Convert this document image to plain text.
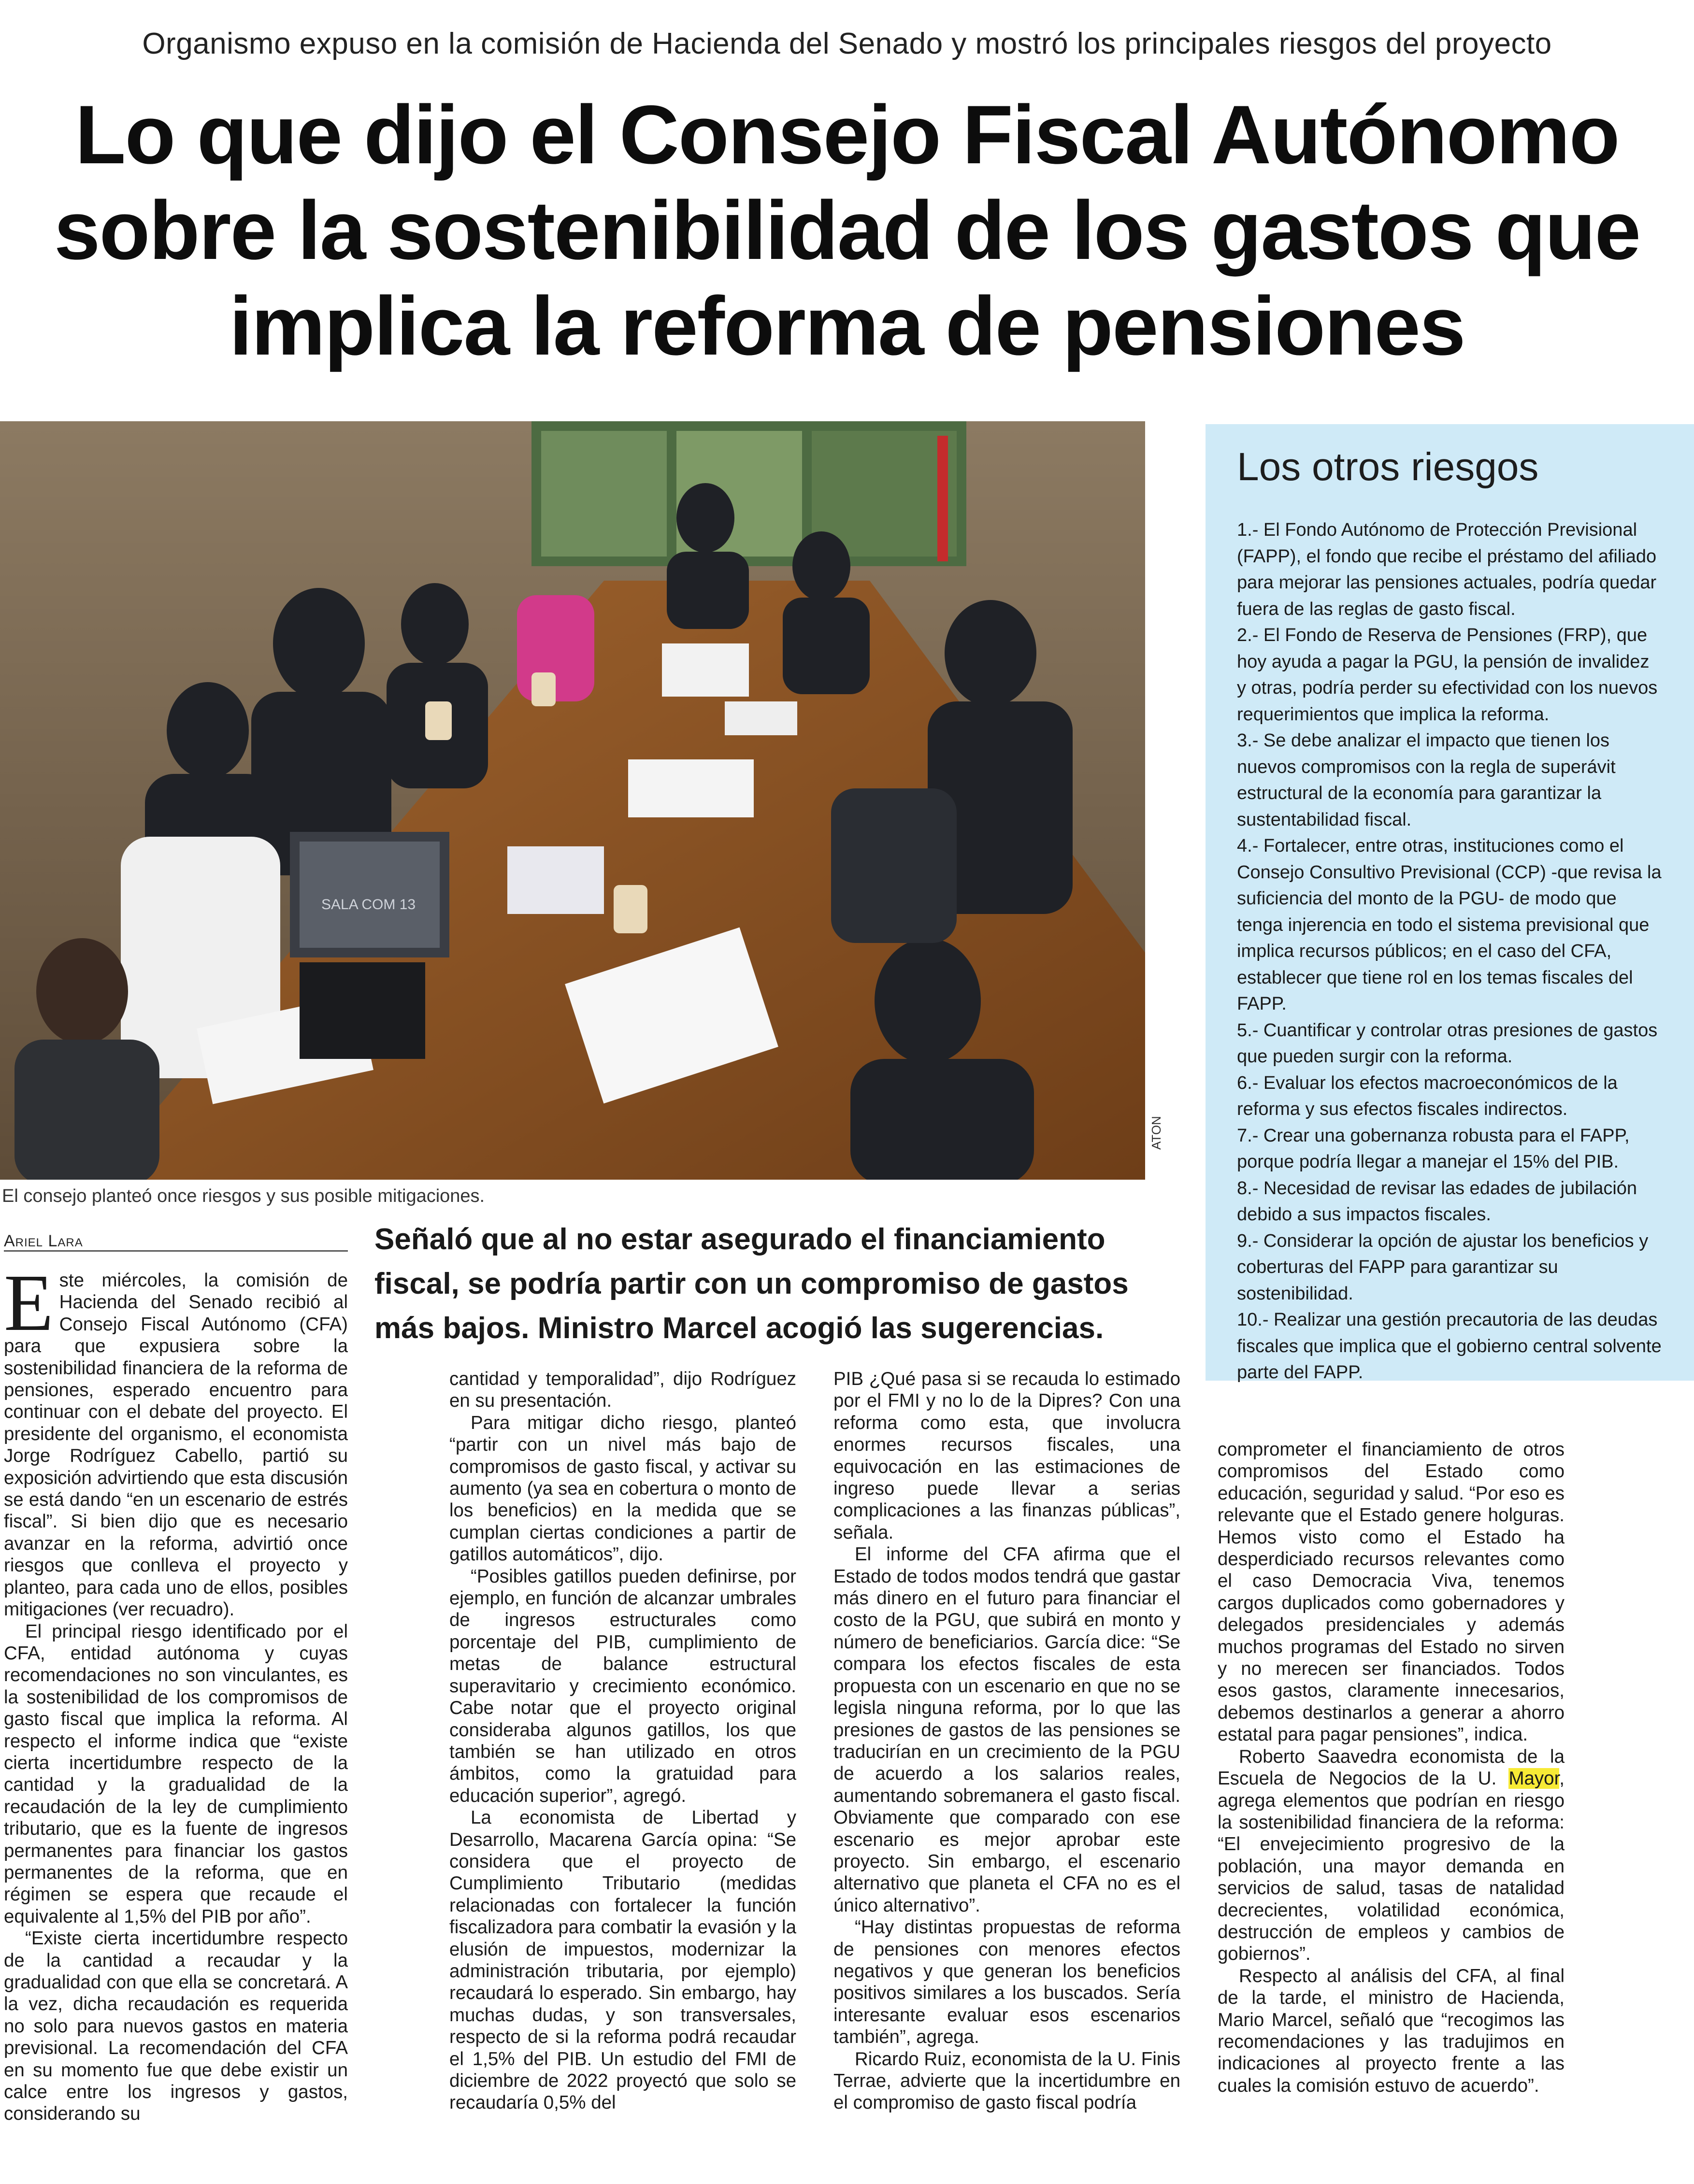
Organismo expuso en la comisión de Hacienda del Senado y mostró los principales riesgos del proyecto
Lo que dijo el Consejo Fiscal Autónomo
sobre la sostenibilidad de los gastos que
implica la reforma de pensiones
SALA COM 13
ATON
El consejo planteó once riesgos y sus posible mitigaciones.
Los otros riesgos

1.- El Fondo Autónomo de Protección Previsional (FAPP), el fondo que recibe el préstamo del afiliado para mejorar las pensiones actuales, podría quedar fuera de las reglas de gasto fiscal.

2.- El Fondo de Reserva de Pensiones (FRP), que hoy ayuda a pagar la PGU, la pensión de invalidez y otras, podría perder su efectividad con los nuevos requerimientos que implica la reforma.

3.- Se debe analizar el impacto que tienen los nuevos compromisos con la regla de superávit estructural de la economía para garantizar la sustentabilidad fiscal.

4.- Fortalecer, entre otras, instituciones como el Consejo Consultivo Previsional (CCP) -que revisa la suficiencia del monto de la PGU- de modo que tenga injerencia en todo el sistema previsional que implica recursos públicos; en el caso del CFA, establecer que tiene rol en los temas fiscales del FAPP.

5.- Cuantificar y controlar otras presiones de gastos que pueden surgir con la reforma.

6.- Evaluar los efectos macroeconómicos de la reforma y sus efectos fiscales indirectos.

7.- Crear una gobernanza robusta para el FAPP, porque podría llegar a manejar el 15% del PIB.

8.- Necesidad de revisar las edades de jubilación debido a sus impactos fiscales.

9.- Considerar la opción de ajustar los beneficios y coberturas del FAPP para garantizar su sostenibilidad.

10.- Realizar una gestión precautoria de las deudas fiscales que implica que el gobierno central solvente parte del FAPP.

Ariel Lara	Señaló que al no estar asegurado el financiamiento fiscal, se podría partir con un compromiso de gastos más bajos. Ministro Marcel acogió las sugerencias.

Este miércoles, la comisión de Hacienda del Senado recibió al Consejo Fiscal Autónomo (CFA) para que expusiera sobre la sostenibilidad financiera de la reforma de pensiones, esperado encuentro para continuar con el debate del proyecto. El presidente del organismo, el economista Jorge Rodríguez Cabello, partió su exposición advirtiendo que esta discusión se está dando “en un escenario de estrés fiscal”. Si bien dijo que es necesario avanzar en la reforma, advirtió once riesgos que conlleva el proyecto y planteo, para cada uno de ellos, posibles mitigaciones (ver recuadro).

El principal riesgo identificado por el CFA, entidad autónoma y cuyas recomendaciones no son vinculantes, es la sostenibilidad de los compromisos de gasto fiscal que implica la reforma. Al respecto el informe indica que “existe cierta incertidumbre respecto de la cantidad y la gradualidad de la recaudación de la ley de cumplimiento tributario, que es la fuente de ingresos permanentes para financiar los gastos permanentes de la reforma, que en régimen se espera que recaude el equivalente al 1,5% del PIB por año”.

“Existe cierta incertidumbre respecto de la cantidad a recaudar y la gradualidad con que ella se concretará. A la vez, dicha recaudación es requerida no solo para nuevos gastos en materia previsional. La recomendación del CFA en su momento fue que debe existir un calce entre los ingresos y gastos, considerando su

cantidad y temporalidad”, dijo Rodríguez en su presentación.

Para mitigar dicho riesgo, planteó “partir con un nivel más bajo de compromisos de gasto fiscal, y activar su aumento (ya sea en cobertura o monto de los beneficios) en la medida que se cumplan ciertas condiciones a partir de gatillos automáticos”, dijo.

“Posibles gatillos pueden definirse, por ejemplo, en función de alcanzar umbrales de ingresos estructurales como porcentaje del PIB, cumplimiento de metas de balance estructural superavitario y crecimiento económico. Cabe notar que el proyecto original consideraba algunos gatillos, los que también se han utilizado en otros ámbitos, como la gratuidad para educación superior”, agregó.

La economista de Libertad y Desarrollo, Macarena García opina: “Se considera que el proyecto de Cumplimiento Tributario (medidas relacionadas con fortalecer la función fiscalizadora para combatir la evasión y la elusión de impuestos, modernizar la administración tributaria, por ejemplo) recaudará lo esperado. Sin embargo, hay muchas dudas, y son transversales, respecto de si la reforma podrá recaudar el 1,5% del PIB. Un estudio del FMI de diciembre de 2022 proyectó que solo se recaudaría 0,5% del

PIB ¿Qué pasa si se recauda lo estimado por el FMI y no lo de la Dipres? Con una reforma como esta, que involucra enormes recursos fiscales, una equivocación en las estimaciones de ingreso puede llevar a serias complicaciones a las finanzas públicas”, señala.

El informe del CFA afirma que el Estado de todos modos tendrá que gastar más dinero en el futuro para financiar el costo de la PGU, que subirá en monto y número de beneficiarios. García dice: “Se compara los efectos fiscales de esta propuesta con un escenario en que no se legisla ninguna reforma, por lo que las presiones de gastos de las pensiones se traducirían en un crecimiento de la PGU de acuerdo a los salarios reales, aumentando sobremanera el gasto fiscal. Obviamente que comparado con ese escenario es mejor aprobar este proyecto. Sin embargo, el escenario alternativo que planeta el CFA no es el único alternativo”.

“Hay distintas propuestas de reforma de pensiones con menores efectos negativos y que generan los beneficios positivos similares a los buscados. Sería interesante evaluar esos escenarios también”, agrega.

Ricardo Ruiz, economista de la U. Finis Terrae, advierte que la incertidumbre en el compromiso de gasto fiscal podría

comprometer el financiamiento de otros compromisos del Estado como educación, seguridad y salud. “Por eso es relevante que el Estado genere holguras. Hemos visto como el Estado ha desperdiciado recursos relevantes como el caso Democracia Viva, tenemos cargos duplicados como gobernadores y delegados presidenciales y además muchos programas del Estado no sirven y no merecen ser financiados. Todos esos gastos, claramente innecesarios, debemos destinarlos a generar a ahorro estatal para pagar pensiones”, indica.

Roberto Saavedra economista de la Escuela de Negocios de la U. Mayor, agrega elementos que podrían en riesgo la sostenibilidad financiera de la reforma: “El envejecimiento progresivo de la población, una mayor demanda en servicios de salud, tasas de natalidad decrecientes, volatilidad económica, destrucción de empleos y cambios de gobiernos”.

Respecto al análisis del CFA, al final de la tarde, el ministro de Hacienda, Mario Marcel, señaló que “recogimos las recomendaciones y las tradujimos en indicaciones al proyecto frente a las cuales la comisión estuvo de acuerdo”.
